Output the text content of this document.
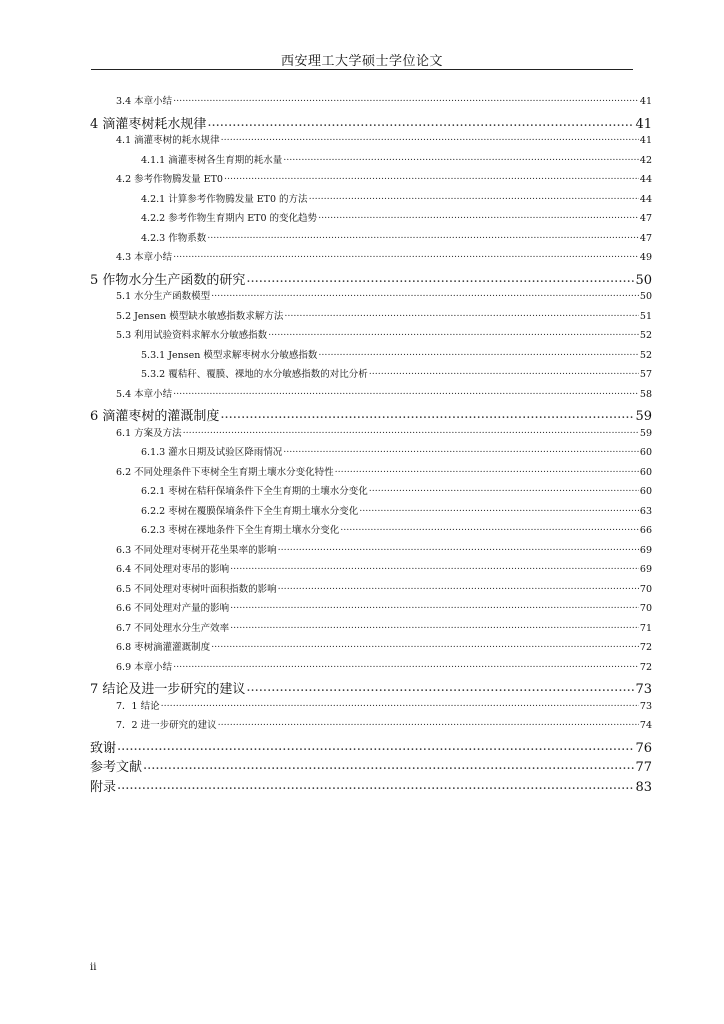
西安理工大学硕士学位论文
3.4 本章小结 .....	41
4 滴灌枣树耗水规律 .....	41
4.1 滴灌枣树的耗水规律 .....	41
4.1.1 滴灌枣树各生育期的耗水量 .....	42
4.2 参考作物腾发量 ET0 .....	44
4.2.1 计算参考作物腾发量 ET0 的方法 .....	44
4.2.2 参考作物生育期内 ET0 的变化趋势 .....	47
4.2.3 作物系数 .....	47
4.3 本章小结 .....	49
5 作物水分生产函数的研究 .....	50
5.1 水分生产函数模型 .....	50
5.2 Jensen 模型缺水敏感指数求解方法 .....	51
5.3 利用试验资料求解水分敏感指数 .....	52
5.3.1 Jensen 模型求解枣树水分敏感指数 .....	52
5.3.2 覆秸秆、覆膜、裸地的水分敏感指数的对比分析 .....	57
5.4 本章小结 .....	58
6 滴灌枣树的灌溉制度 .....	59
6.1 方案及方法 .....	59
6.1.3 灌水日期及试验区降雨情况 .....	60
6.2 不同处理条件下枣树全生育期土壤水分变化特性 .....	60
6.2.1 枣树在秸秆保墒条件下全生育期的土壤水分变化 .....	60
6.2.2 枣树在覆膜保墒条件下全生育期土壤水分变化 .....	63
6.2.3 枣树在裸地条件下全生育期土壤水分变化 .....	66
6.3 不同处理对枣树开花坐果率的影响 .....	69
6.4 不同处理对枣吊的影响 .....	69
6.5 不同处理对枣树叶面积指数的影响 .....	70
6.6 不同处理对产量的影响 .....	70
6.7 不同处理水分生产效率 .....	71
6.8 枣树滴灌灌溉制度 .....	72
6.9 本章小结 .....	72
7 结论及进一步研究的建议 .....	73
7．1 结论 .....	73
7．2 进一步研究的建议 .....	74
致谢 .....	76
参考文献 .....	77
附录 .....	83
ii
